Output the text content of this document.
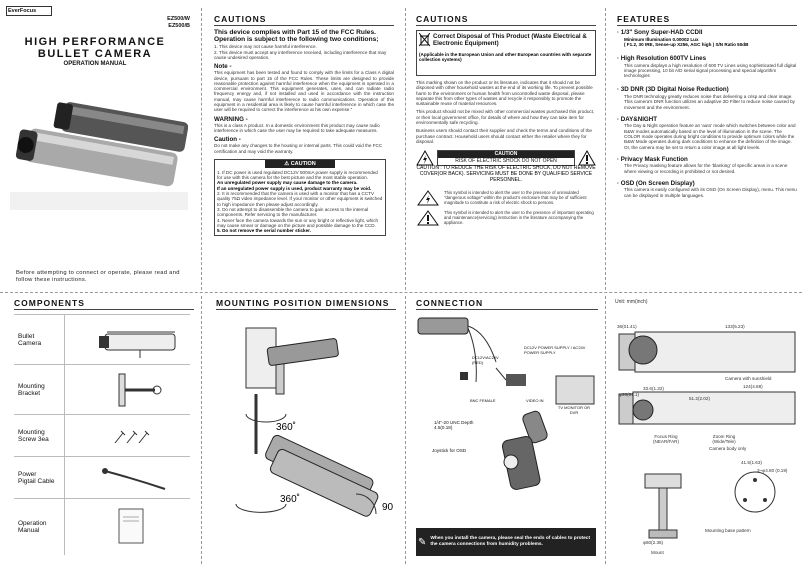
EverFocus
EZ500/W
EZ500/B
HIGH PERFORMANCE
BULLET CAMERA
OPERATION MANUAL
Before attempting to connect or operate, please read and follow these instructions.
CAUTIONS
This device complies with Part 15 of the FCC Rules. Operation is subject to the following two conditions;
1. This device may not cause harmful interference.
2. This device must accept any interference received, including interference that may cause undesired operation.
Note -
This equipment has been tested and found to comply with the limits for a Class A digital device, pursuant to part 15 of the FCC Rules. These limits are designed to provide reasonable protection against harmful interference when the equipment is operated in a commercial environment. This equipment generates, uses, and can radiate radio frequency energy and, if not installed and used in accordance with the instruction manual, may cause harmful interference to radio communications. Operation of this equipment in a residential area is likely to cause harmful interference in which case the user will be required to correct the interference at his own expense."
WARNING -
This is a class A product. In a domestic environment this product may cause radio interference in which case the user may be required to take adequate measures.
Caution -
Do not make any changes to the housing or internal parts. This could void the FCC certification and may void the warranty.
⚠ CAUTION
1. If DC power is used regulated DC12V 500mA power supply is recommended for use with this camera for the best picture and the most stable operation.
An unregulated power supply may cause damage to the camera.
If an unregulated power supply is used, product warranty may be void.
2. It is recommended that the camera is used with a monitor that has a CCTV quality 75Ω video impedance level. If your monitor or other equipment is switched to high impedance then please adjust accordingly.
3. Do not attempt to disassemble the camera to gain access to the internal components. Refer servicing to the manufacturer.
4. Never face the camera towards the sun or any bright or reflective light, which may cause smear or damage on the picture and possible damage to the CCD.
5. Do not remove the serial number sticker.
CAUTIONS
Correct Disposal of This Product (Waste Electrical & Electronic Equipment)
(Applicable in the European Union and other European countries with separate collection systems)
This marking shown on the product or its literature, indicates that it should not be disposed with other household wastes at the end of its working life. To prevent possible harm to the environment or human health from uncontrolled waste disposal, please separate this from other types of wastes and recycle it responsibly to promote the sustainable reuse of material resources.
This product should not be mixed with other commercial wastes purchased this product, or their local government office, for details of where and how they can take item for environmentally safe recycling.
Business users should contact their supplier and check the terms and conditions of the purchase contract. Household users should contact either the retailer where they for disposal.
CAUTION
RISK OF ELECTRIC SHOCK DO NOT OPEN
CAUTION : TO REDUCE THE RISK OF ELECTRIC SHOCK, DO NOT REMOVE COVER(OR BACK). SERVICING MUST BE DONE BY QUALIFIED SERVICE PERSONNEL.
This symbol is intended to alert the user to the presence of uninsulated "dangerous voltage" within the product's enclosure that may be of sufficient magnitude to constitute a risk of electric shock to persons.
This symbol is intended to alert the user to the presence of important operating and maintenance(servicing) instruction in the literature accompanying the appliance.
FEATURES
· 1/3" Sony Super-HAD CCDII
Minimum Illumination 0.00002 Lux
( F1.2, 30 IRE, Sense-up X256, AGC high ) S/N Ratio 50dB
· High Resolution 600TV Lines
This camera displays a high resolution of 600 TV Lines using sophisticated full digital image processing, 10 bit A/D serial signal processing and special algorithm technologies
· 3D DNR (3D Digital Noise Reduction)
The DNR technology greatly reduces noise thus delivering a crisp and clear image.
This camera's DNR function utilizes an adaptive 3D Filter to reduce noise caused by movement and the environment.
· DAY&NIGHT
The Day & Night operation feature an 'auto' mode which switches between color and B&W modes automatically based on the level of illumination in the scene. The COLOR mode operates during bright conditions to provide optimum colors while the B&W Mode operates during dark conditions to enhance the definition of the image. Or, the camera may be set to return a color image at all light levels.
· Privacy Mask Function
The Privacy masking feature allows for the 'blanking' of specific areas in a scene where viewing or recording is prohibited or not desired.
· OSD (On Screen Display)
This camera is easily configured with its OSD (On Screen Display), menu. This menu can be displayed in multiple languages.
COMPONENTS
Bullet
Camera	

Mounting
Bracket	

Mounting
Screw 3ea	

Power
Pigtail Cable	

Operation
Manual	
MOUNTING POSITION DIMENSIONS
360˚
360˚
90
CONNECTION
DC12V/AC24V (RED)
DC12V POWER SUPPLY / AC24V POWER SUPPLY
BNC FEMALE	VIDEO IN
TV MONITOR OR DVR
1/4"-20 UNC Depth 4.5(0.18)
Joystick for OSD
✎ When you install the camera, please seal the ends of cables to protect the camera connections from humidity problems.
Unit: mm(inch)
36(01.41)	133(5.23)
33.6(1.32)
Camera with sunshield
124(4.88)
φ28(01.1)
51.2(2.02)
Focus Ring (NEAR/FAR)
Zoom Ring (Wide/Tele)
Camera body only
41.5(1.63)
3~φ4.80 (0.19)
Mounting base pattern
φ60(2.36)
Mount
